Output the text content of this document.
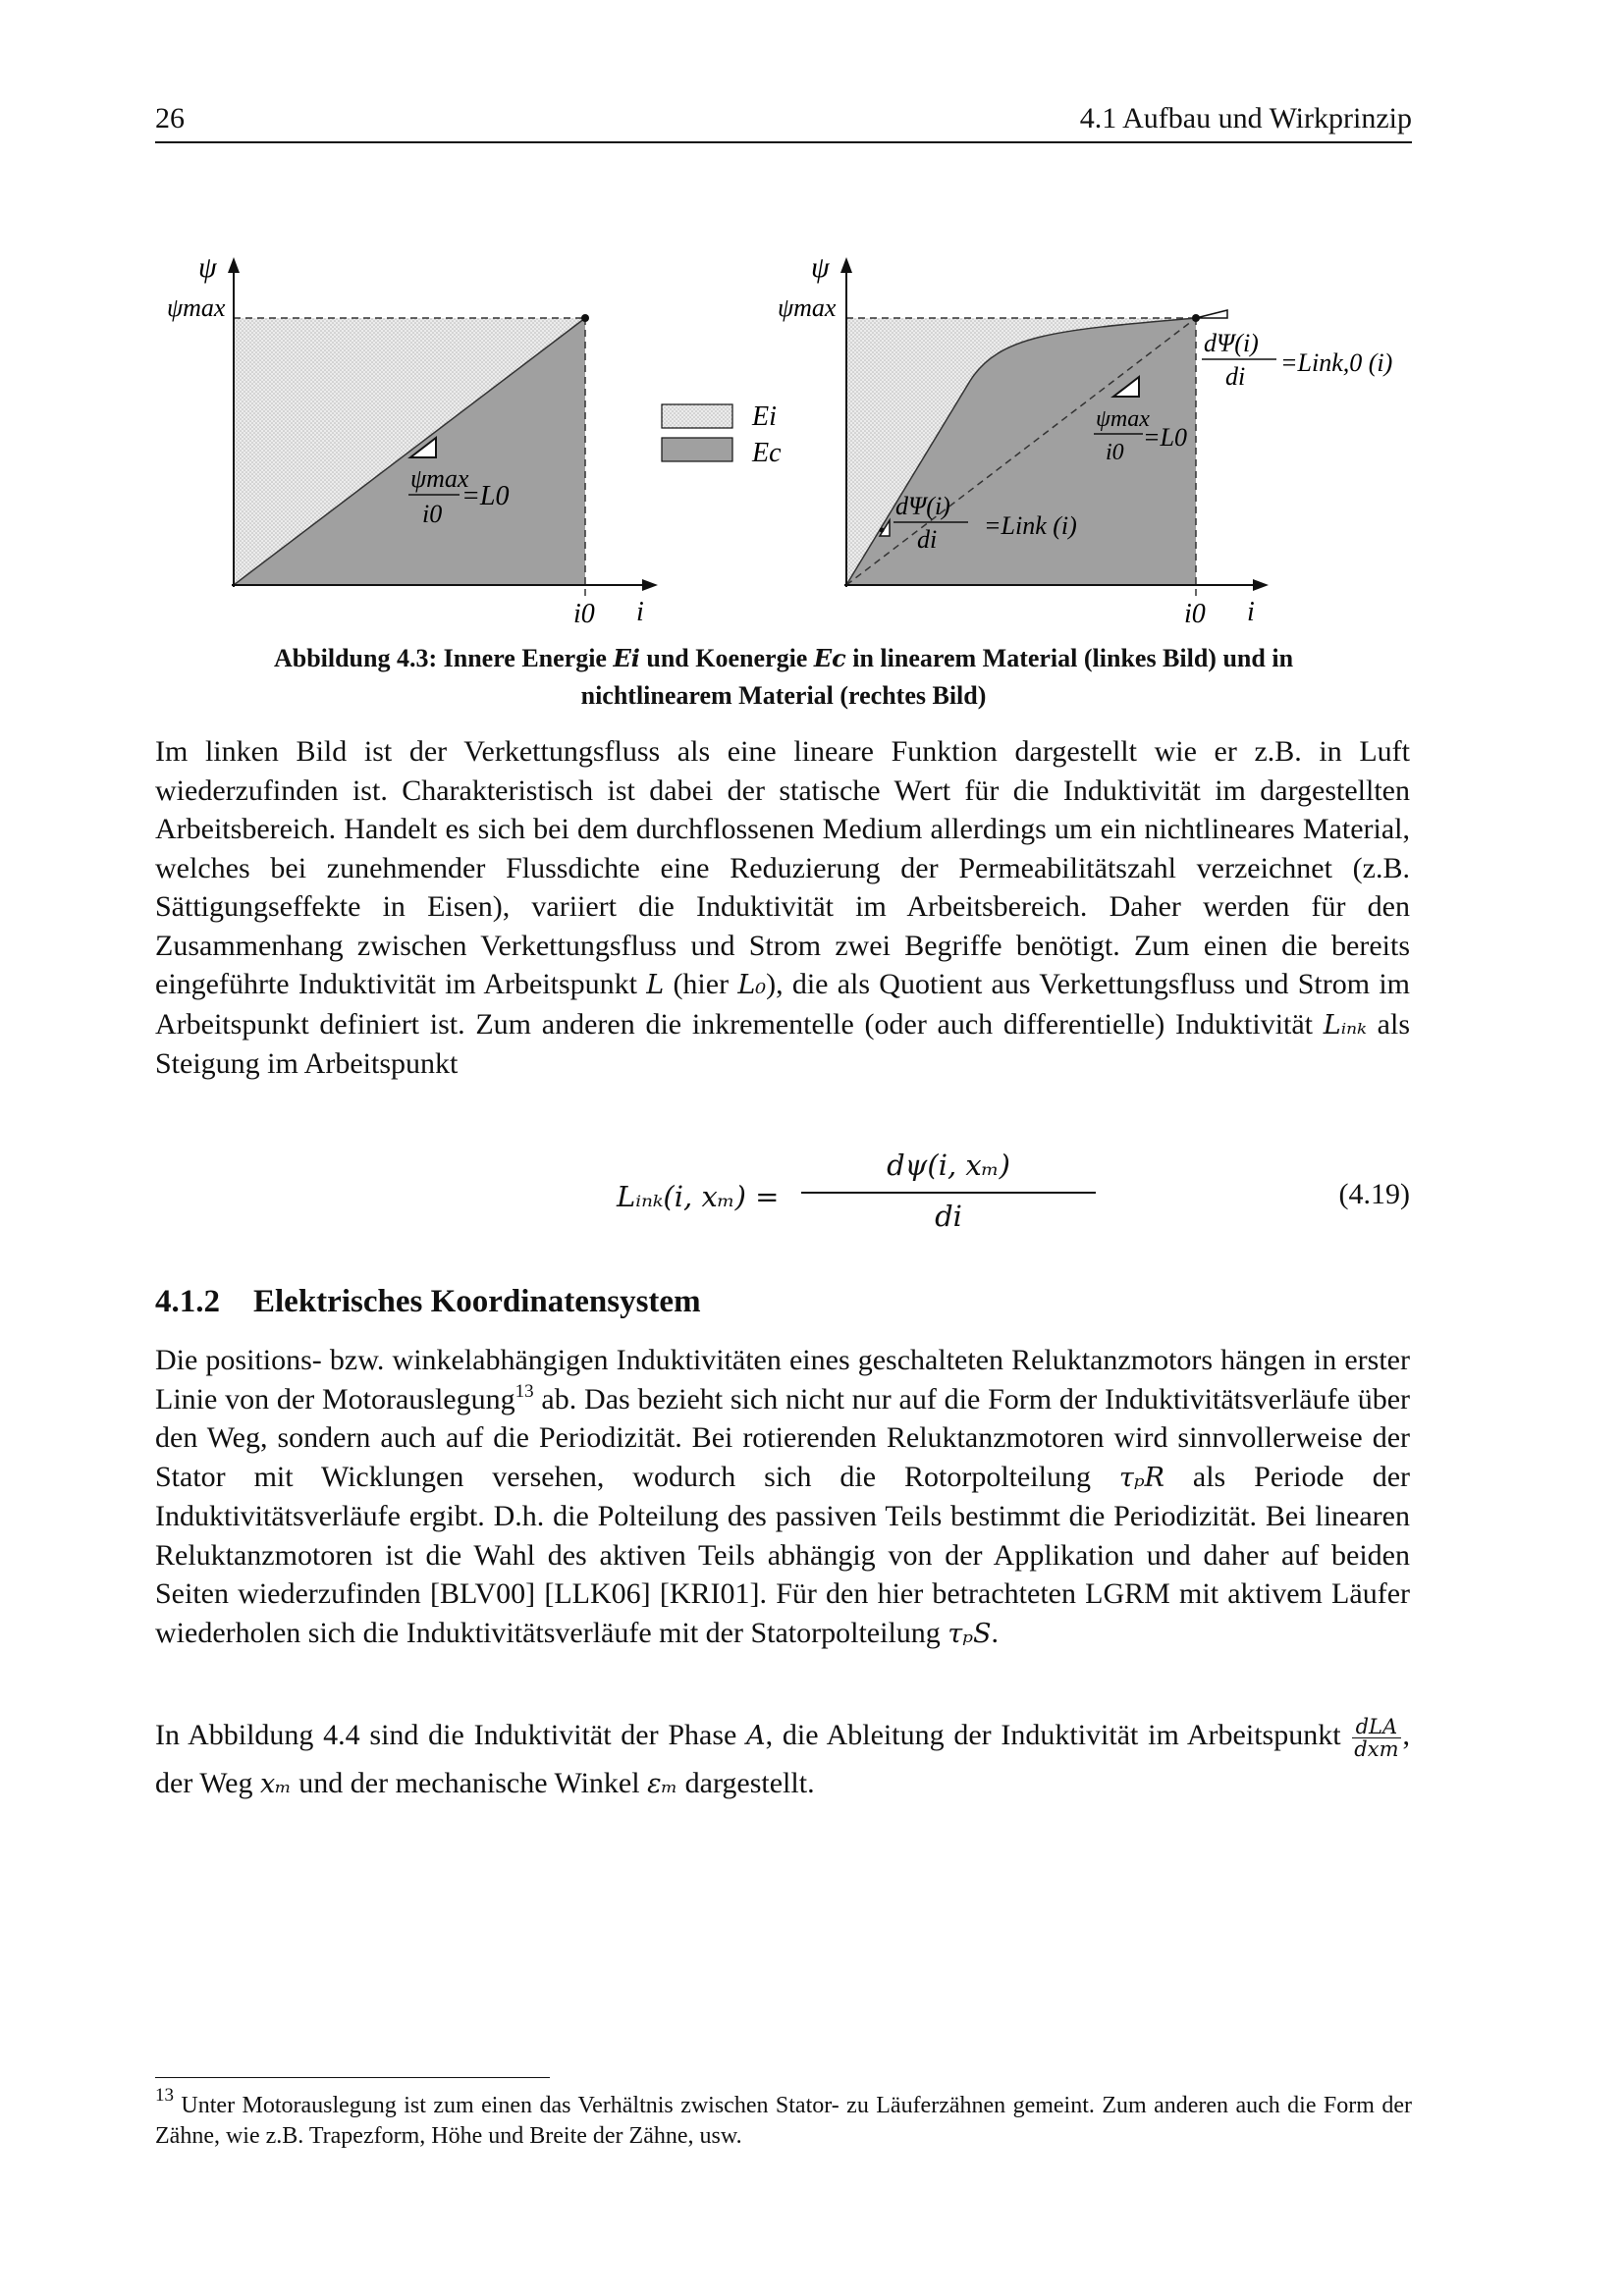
26	4.1 Aufbau und Wirkprinzip
ψ
ψmax
i0 i
ψmax
i0
=L0
Ei
Ec
ψ
ψmax
i0 i
ψmax
i0
=L0
dΨ(i)
di =Link,0 (i)
dΨ(i)
di =Link (i)
Abbildung 4.3: Innere Energie Ei und Koenergie Ec in linearem Material (linkes Bild) und in
nichtlinearem Material (rechtes Bild)
Im linken Bild ist der Verkettungsfluss als eine lineare Funktion dargestellt wie er z.B. in Luft wiederzufinden ist. Charakteristisch ist dabei der statische Wert für die Induktivität im dargestellten Arbeitsbereich. Handelt es sich bei dem durchflossenen Medium allerdings um ein nichtlineares Material, welches bei zunehmender Flussdichte eine Reduzierung der Permeabilitätszahl verzeichnet (z.B. Sättigungseffekte in Eisen), variiert die Induktivität im Arbeitsbereich. Daher werden für den Zusammenhang zwischen Verkettungsfluss und Strom zwei Begriffe benötigt. Zum einen die bereits eingeführte Induktivität im Arbeitspunkt L (hier L₀), die als Quotient aus Verkettungsfluss und Strom im Arbeitspunkt definiert ist. Zum anderen die inkrementelle (oder auch differentielle) Induktivität Lᵢₙₖ als Steigung im Arbeitspunkt
Lᵢₙₖ(i, xₘ) =
dψ(i, xₘ)
di
(4.19)
4.1.2 Elektrisches Koordinatensystem
Die positions- bzw. winkelabhängigen Induktivitäten eines geschalteten Reluktanzmotors hängen in erster Linie von der Motorauslegung$^{13}$ ab. Das bezieht sich nicht nur auf die Form der Induktivitätsverläufe über den Weg, sondern auch auf die Periodizität. Bei rotierenden Reluktanzmotoren wird sinnvollerweise der Stator mit Wicklungen versehen, wodurch sich die Rotorpolteilung τₚR als Periode der Induktivitätsverläufe ergibt. D.h. die Polteilung des passiven Teils bestimmt die Periodizität. Bei linearen Reluktanzmotoren ist die Wahl des aktiven Teils abhängig von der Applikation und daher auf beiden Seiten wiederzufinden [BLV00] [LLK06] [KRI01]. Für den hier betrachteten LGRM mit aktivem Läufer wiederholen sich die Induktivitätsverläufe mit der Statorpolteilung τₚS.
In Abbildung 4.4 sind die Induktivität der Phase A, die Ableitung der Induktivität im Arbeitspunkt dLA
dxm , der Weg xₘ und der mechanische Winkel εₘ dargestellt.
$^{13}$ Unter Motorauslegung ist zum einen das Verhältnis zwischen Stator- zu Läuferzähnen gemeint. Zum anderen auch die Form der Zähne, wie z.B. Trapezform, Höhe und Breite der Zähne, usw.
